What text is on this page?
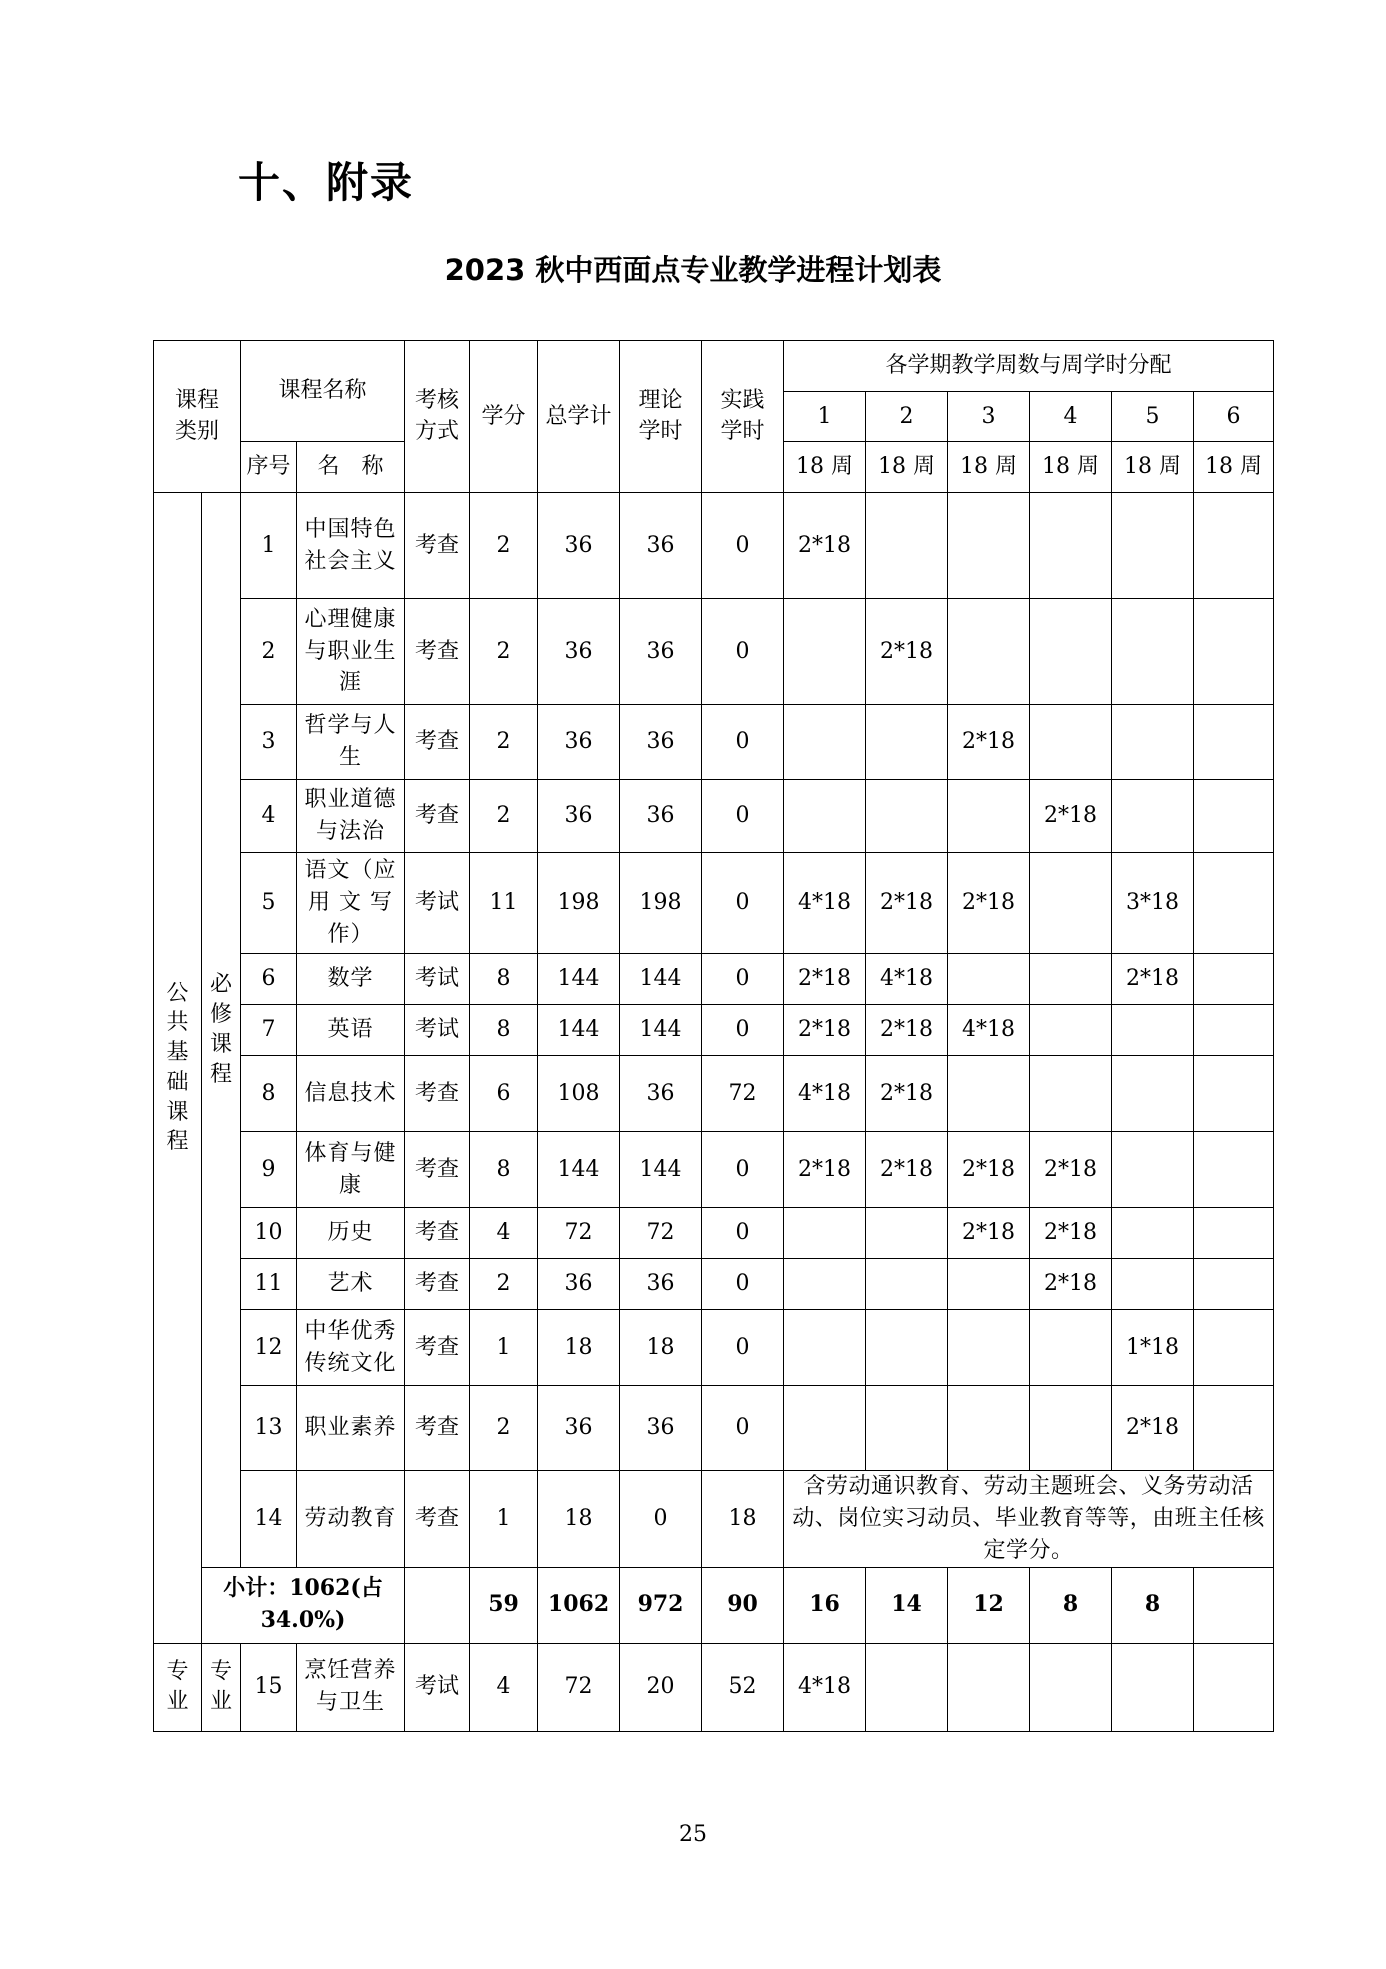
十、附录
2023 秋中西面点专业教学进程计划表
课程类别		课程名称		考核方式	学分	总学计	理论学时	实践学时	各学期教学周数与周学时分配					
									1	2	3	4	5	6
		序号	名　称						18 周	18 周	18 周	18 周	18 周	18 周

公共基础课程	必修课程	1	中国特色社会主义	考查	2	36	36	0	2*18					
		2	心理健康与职业生涯	考查	2	36	36	0		2*18				
		3	哲学与人生	考查	2	36	36	0			2*18			
		4	职业道德与法治	考查	2	36	36	0				2*18		
		5	语文（应用 文 写作）	考试	11	198	198	0	4*18	2*18	2*18		3*18	
		6	数学	考试	8	144	144	0	2*18	4*18			2*18	
		7	英语	考试	8	144	144	0	2*18	2*18	4*18			
		8	信息技术	考查	6	108	36	72	4*18	2*18				
		9	体育与健康	考查	8	144	144	0	2*18	2*18	2*18	2*18		
		10	历史	考查	4	72	72	0			2*18	2*18		
		11	艺术	考查	2	36	36	0				2*18		
		12	中华优秀传统文化	考查	1	18	18	0					1*18	
		13	职业素养	考查	2	36	36	0					2*18	
		14	劳动教育	考查	1	18	0	18	含劳动通识教育、劳动主题班会、义务劳动活动、岗位实习动员、毕业教育等等，由班主任核定学分。					
	小计：1062(占 34.0%)				59	1062	972	90	16	14	12	8	8	

专业	专业	15	烹饪营养与卫生	考试	4	72	20	52	4*18					
25
